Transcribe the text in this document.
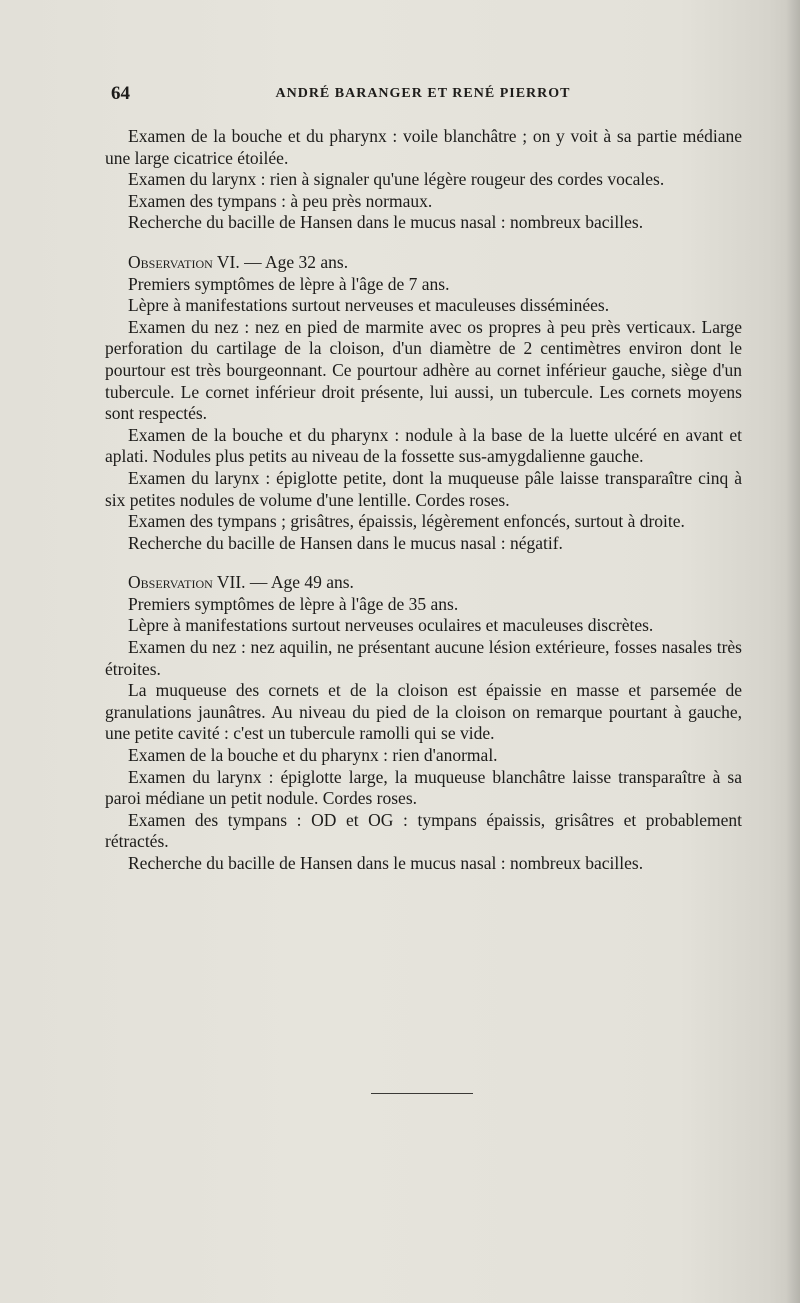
64	ANDRÉ BARANGER ET RENÉ PIERROT

Examen de la bouche et du pharynx : voile blanchâtre ; on y voit à sa partie médiane une large cicatrice étoilée.

Examen du larynx : rien à signaler qu'une légère rougeur des cordes vocales.

Examen des tympans : à peu près normaux.

Recherche du bacille de Hansen dans le mucus nasal : nombreux bacilles.

Observation VI. — Age 32 ans.

Premiers symptômes de lèpre à l'âge de 7 ans.

Lèpre à manifestations surtout nerveuses et maculeuses disséminées.

Examen du nez : nez en pied de marmite avec os propres à peu près verticaux. Large perforation du cartilage de la cloison, d'un diamètre de 2 centimètres environ dont le pourtour est très bourgeonnant. Ce pourtour adhère au cornet inférieur gauche, siège d'un tubercule. Le cornet inférieur droit présente, lui aussi, un tubercule. Les cornets moyens sont respectés.

Examen de la bouche et du pharynx : nodule à la base de la luette ulcéré en avant et aplati. Nodules plus petits au niveau de la fossette sus-amygdalienne gauche.

Examen du larynx : épiglotte petite, dont la muqueuse pâle laisse transparaître cinq à six petites nodules de volume d'une lentille. Cordes roses.

Examen des tympans ; grisâtres, épaissis, légèrement enfoncés, surtout à droite.

Recherche du bacille de Hansen dans le mucus nasal : négatif.

Observation VII. — Age 49 ans.

Premiers symptômes de lèpre à l'âge de 35 ans.

Lèpre à manifestations surtout nerveuses oculaires et maculeuses discrètes.

Examen du nez : nez aquilin, ne présentant aucune lésion extérieure, fosses nasales très étroites.

La muqueuse des cornets et de la cloison est épaissie en masse et parsemée de granulations jaunâtres. Au niveau du pied de la cloison on remarque pourtant à gauche, une petite cavité : c'est un tubercule ramolli qui se vide.

Examen de la bouche et du pharynx : rien d'anormal.

Examen du larynx : épiglotte large, la muqueuse blanchâtre laisse transparaître à sa paroi médiane un petit nodule. Cordes roses.

Examen des tympans : OD et OG : tympans épaissis, grisâtres et probablement rétractés.

Recherche du bacille de Hansen dans le mucus nasal : nombreux bacilles.
